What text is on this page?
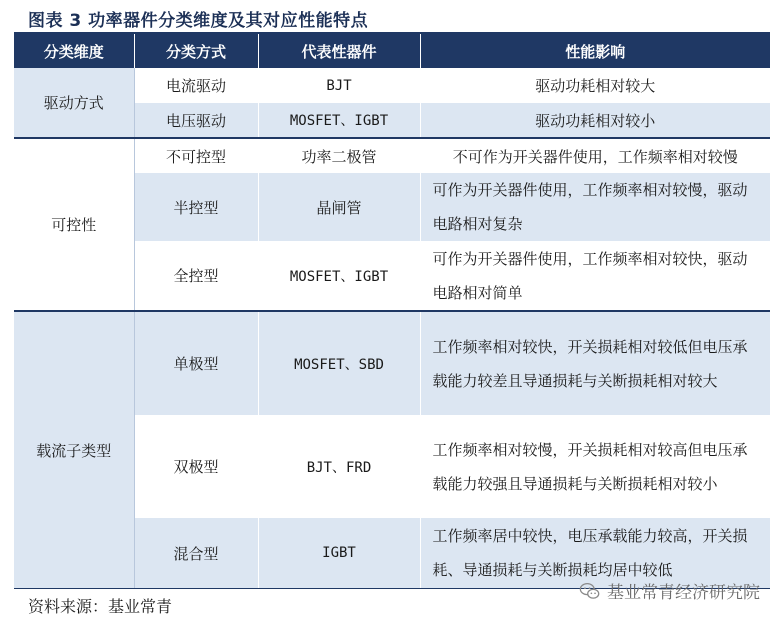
图表 3 功率器件分类维度及其对应性能特点
分类维度	分类方式	代表性器件	性能影响
驱动方式	电流驱动	BJT	驱动功耗相对较大
	电压驱动	MOSFET、IGBT	驱动功耗相对较小
可控性	不可控型	功率二极管	不可作为开关器件使用，工作频率相对较慢
	半控型	晶闸管	可作为开关器件使用，工作频率相对较慢，驱动电路相对复杂
	全控型	MOSFET、IGBT	可作为开关器件使用，工作频率相对较快，驱动电路相对简单
载流子类型	单极型	MOSFET、SBD	工作频率相对较快，开关损耗相对较低但电压承载能力较差且导通损耗与关断损耗相对较大
	双极型	BJT、FRD	工作频率相对较慢，开关损耗相对较高但电压承载能力较强且导通损耗与关断损耗相对较小
	混合型	IGBT	工作频率居中较快，电压承载能力较高，开关损耗、导通损耗与关断损耗均居中较低
资料来源：基业常青
基业常青经济研究院
